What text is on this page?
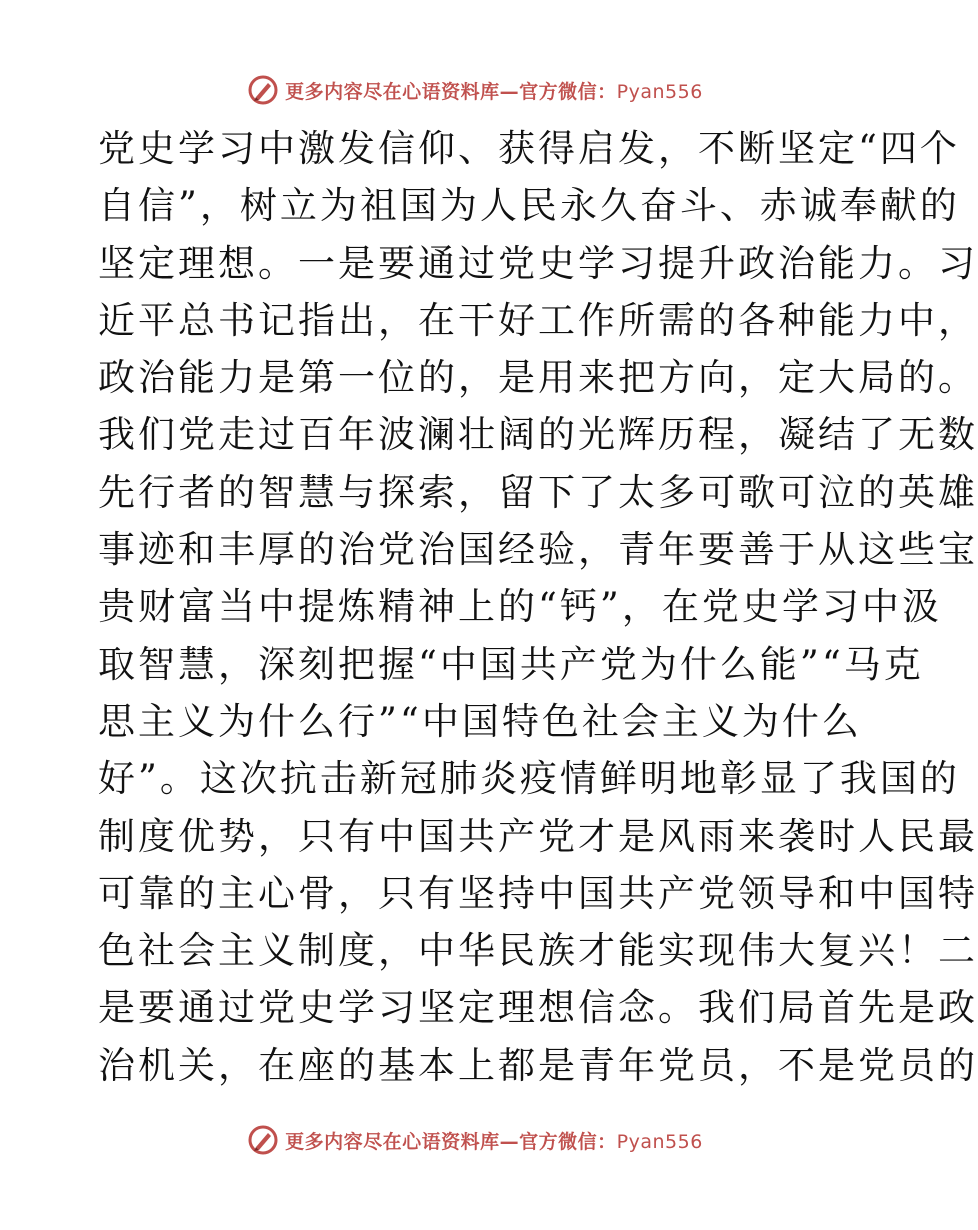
更多内容尽在心语资料库—官方微信：Pyan556
党史学习中激发信仰、获得启发，不断坚定“四个
自信”，树立为祖国为人民永久奋斗、赤诚奉献的
坚定理想。一是要通过党史学习提升政治能力。习
近平总书记指出，在干好工作所需的各种能力中，
政治能力是第一位的，是用来把方向，定大局的。
我们党走过百年波澜壮阔的光辉历程，凝结了无数
先行者的智慧与探索，留下了太多可歌可泣的英雄
事迹和丰厚的治党治国经验，青年要善于从这些宝
贵财富当中提炼精神上的“钙”，在党史学习中汲
取智慧，深刻把握“中国共产党为什么能”“马克
思主义为什么行”“中国特色社会主义为什么
好”。这次抗击新冠肺炎疫情鲜明地彰显了我国的
制度优势，只有中国共产党才是风雨来袭时人民最
可靠的主心骨，只有坚持中国共产党领导和中国特
色社会主义制度，中华民族才能实现伟大复兴！二
是要通过党史学习坚定理想信念。我们局首先是政
治机关，在座的基本上都是青年党员，不是党员的
更多内容尽在心语资料库—官方微信：Pyan556
